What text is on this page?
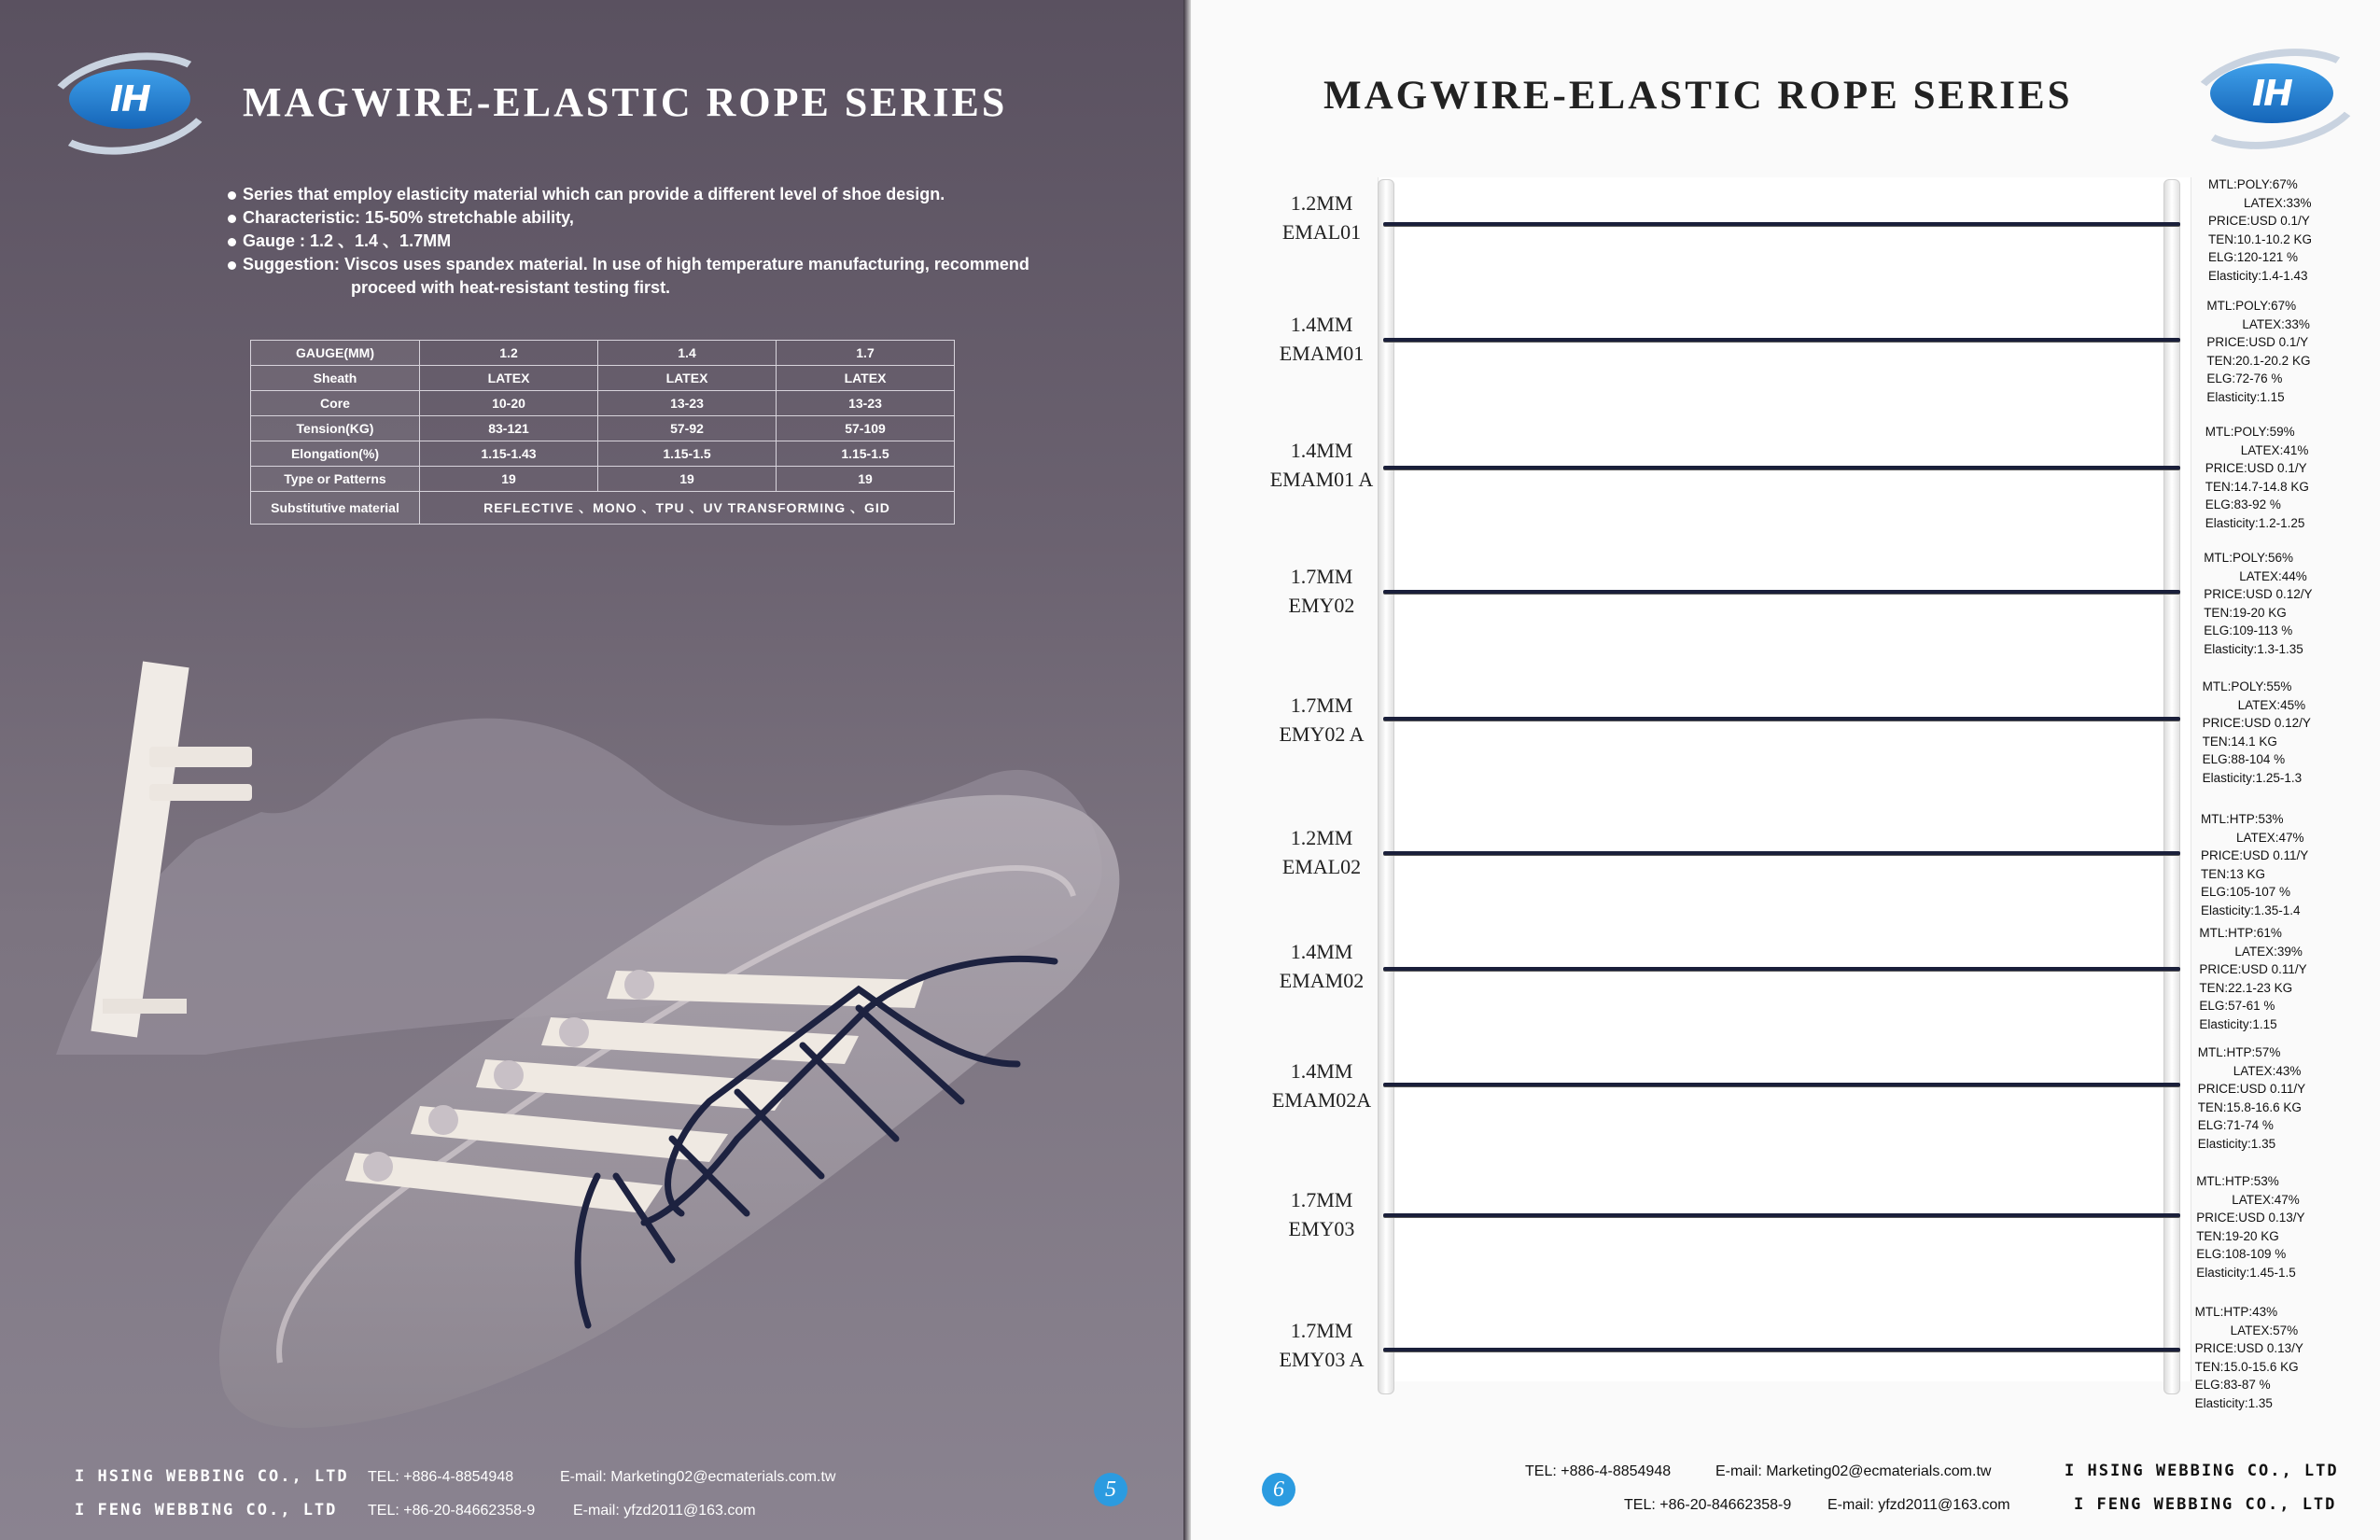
IH MAGWIRE-ELASTIC ROPE SERIES
Series that employ elasticity material which can provide a different level of shoe design.
Characteristic: 15-50% stretchable ability,
Gauge : 1.2 、1.4 、1.7MM
Suggestion: Viscos uses spandex material. In use of high temperature manufacturing, recommend
proceed with heat-resistant testing first.
GAUGE(MM)	1.2	1.4	1.7
Sheath	LATEX	LATEX	LATEX
Core	10-20	13-23	13-23
Tension(KG)	83-121	57-92	57-109
Elongation(%)	1.15-1.43	1.15-1.5	1.15-1.5
Type or Patterns	19	19	19
Substitutive material	REFLECTIVE 、MONO 、TPU 、UV TRANSFORMING 、GID		
I HSING WEBBING CO., LTD
I FENG WEBBING CO., LTD
TEL: +886-4-8854948
TEL: +86-20-84662358-9
E-mail: Marketing02@ecmaterials.com.tw
E-mail: yfzd2011@163.com
5
MAGWIRE-ELASTIC ROPE SERIES	IH
1.2MM
EMAL01
MTL:POLY:67%
LATEX:33%
PRICE:USD 0.1/Y
TEN:10.1-10.2 KG
ELG:120-121 %
Elasticity:1.4-1.43
1.4MM
EMAM01
MTL:POLY:67%
LATEX:33%
PRICE:USD 0.1/Y
TEN:20.1-20.2 KG
ELG:72-76 %
Elasticity:1.15
1.4MM
EMAM01 A
MTL:POLY:59%
LATEX:41%
PRICE:USD 0.1/Y
TEN:14.7-14.8 KG
ELG:83-92 %
Elasticity:1.2-1.25
1.7MM
EMY02
MTL:POLY:56%
LATEX:44%
PRICE:USD 0.12/Y
TEN:19-20 KG
ELG:109-113 %
Elasticity:1.3-1.35
1.7MM
EMY02 A
MTL:POLY:55%
LATEX:45%
PRICE:USD 0.12/Y
TEN:14.1 KG
ELG:88-104 %
Elasticity:1.25-1.3
1.2MM
EMAL02
MTL:HTP:53%
LATEX:47%
PRICE:USD 0.11/Y
TEN:13 KG
ELG:105-107 %
Elasticity:1.35-1.4
1.4MM
EMAM02
MTL:HTP:61%
LATEX:39%
PRICE:USD 0.11/Y
TEN:22.1-23 KG
ELG:57-61 %
Elasticity:1.15
1.4MM
EMAM02A
MTL:HTP:57%
LATEX:43%
PRICE:USD 0.11/Y
TEN:15.8-16.6 KG
ELG:71-74 %
Elasticity:1.35
1.7MM
EMY03
MTL:HTP:53%
LATEX:47%
PRICE:USD 0.13/Y
TEN:19-20 KG
ELG:108-109 %
Elasticity:1.45-1.5
1.7MM
EMY03 A
MTL:HTP:43%
LATEX:57%
PRICE:USD 0.13/Y
TEN:15.0-15.6 KG
ELG:83-87 %
Elasticity:1.35
TEL: +886-4-8854948
TEL: +86-20-84662358-9
E-mail: Marketing02@ecmaterials.com.tw
E-mail: yfzd2011@163.com
I HSING WEBBING CO., LTD
I FENG WEBBING CO., LTD
6
